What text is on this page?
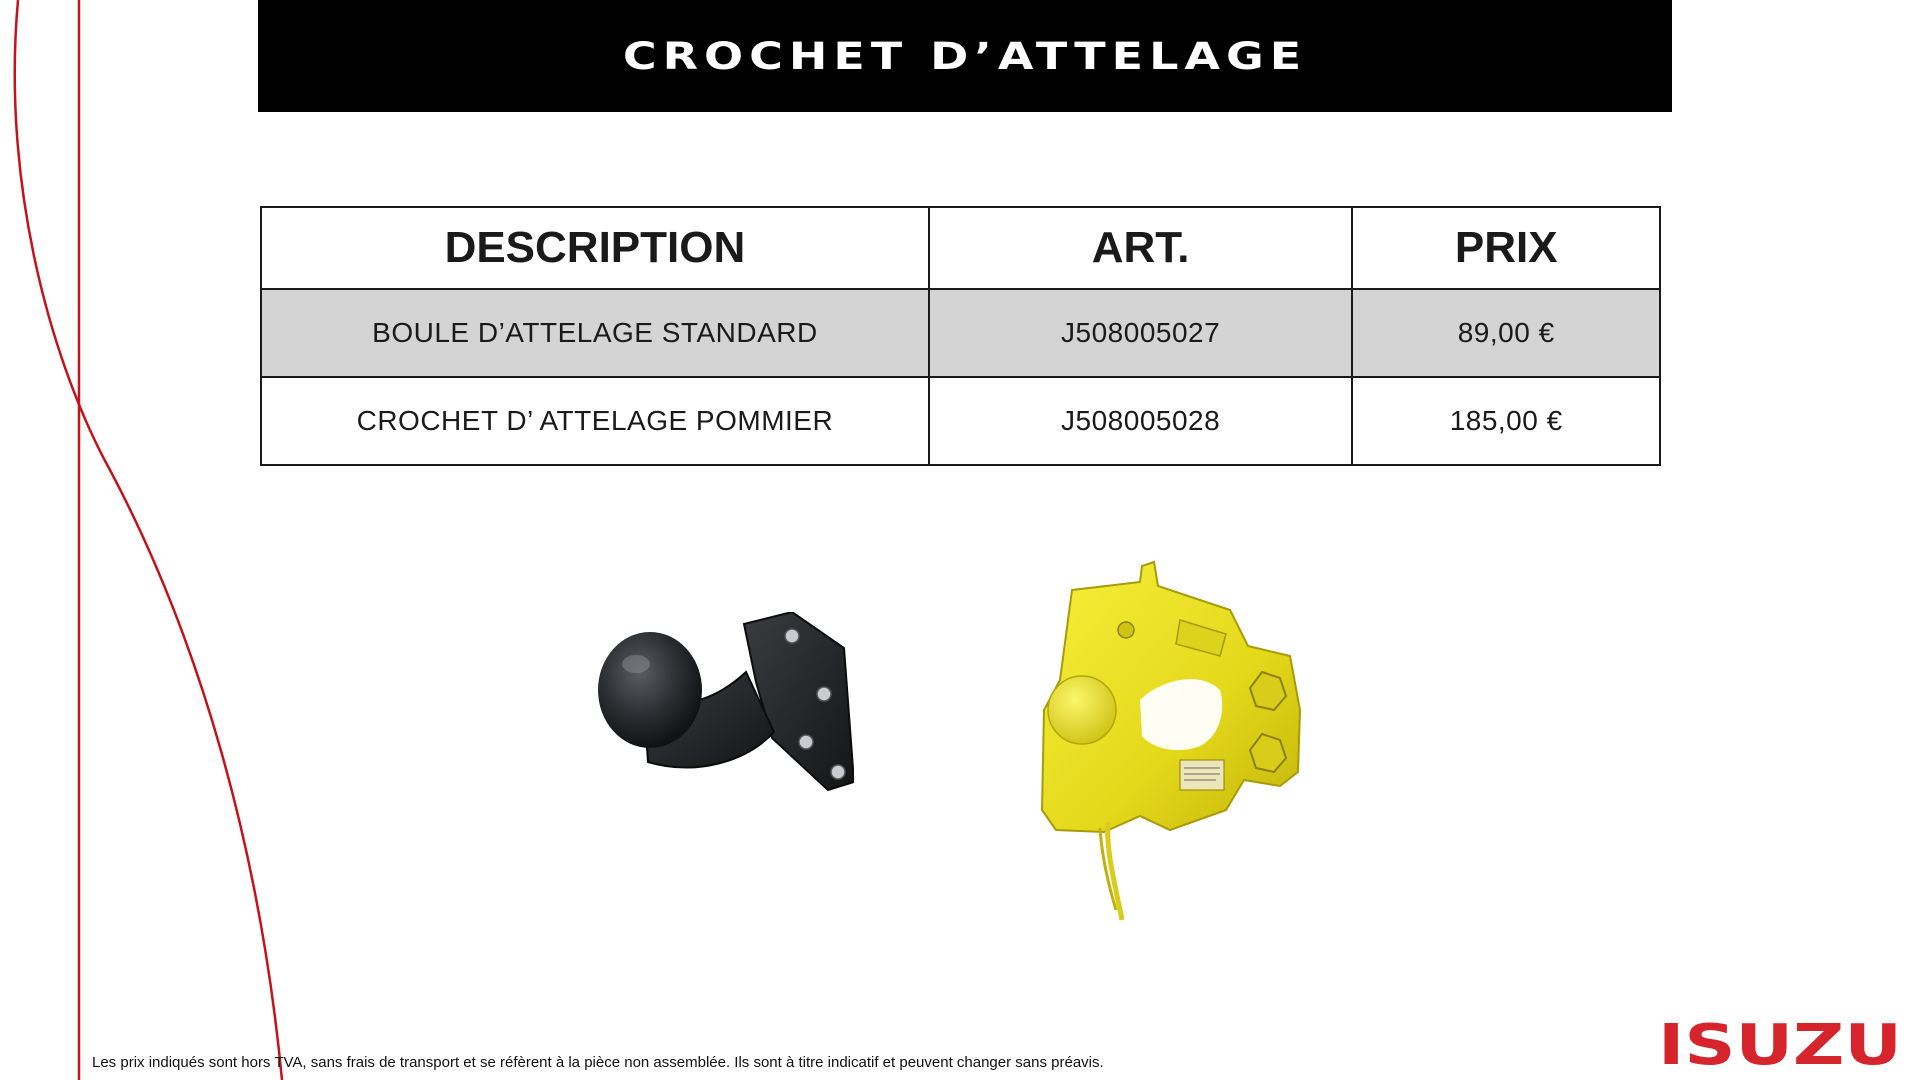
CROCHET D’ATTELAGE
DESCRIPTION	ART.	PRIX
BOULE D’ATTELAGE STANDARD	J508005027	89,00 €
CROCHET D’ ATTELAGE POMMIER	J508005028	185,00 €
Les prix indiqués sont hors TVA, sans frais de transport et se réfèrent à la pièce non assemblée. Ils sont à titre indicatif et peuvent changer sans préavis.	ISUZU
